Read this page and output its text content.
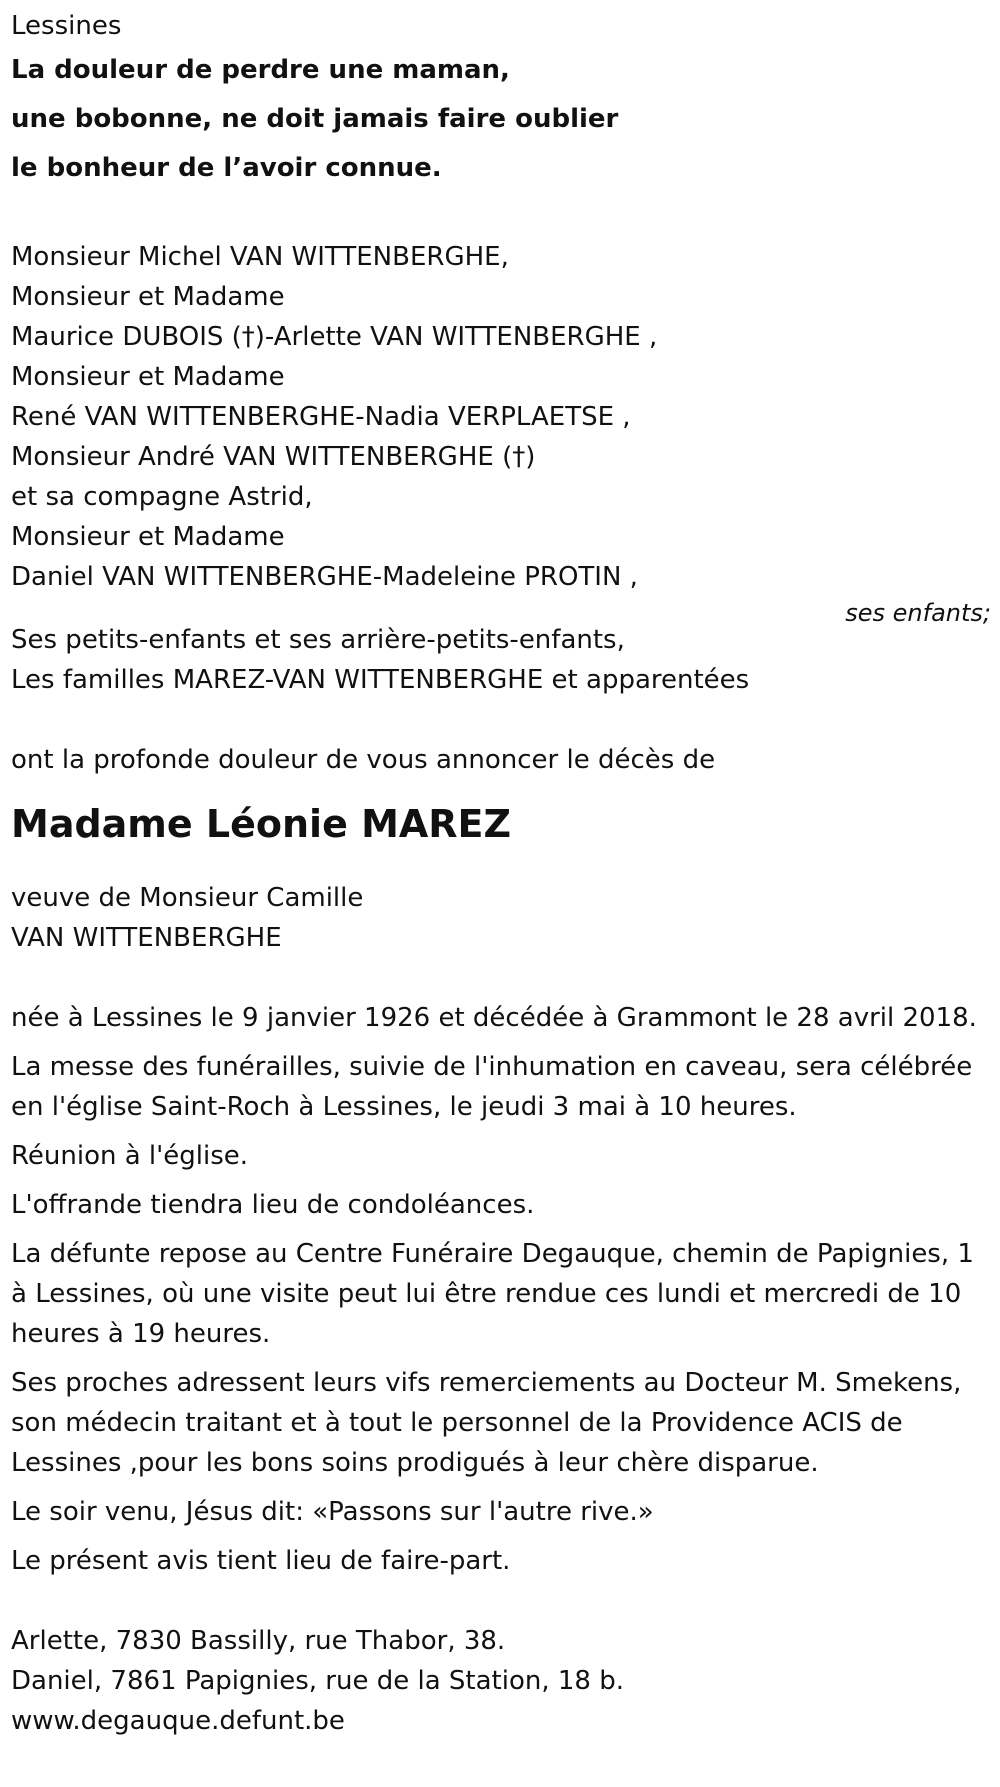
Lessines
La douleur de perdre une maman,
une bobonne, ne doit jamais faire oublier
le bonheur de l’avoir connue.
Monsieur Michel VAN WITTENBERGHE,
Monsieur et Madame
Maurice DUBOIS (†)-Arlette VAN WITTENBERGHE ,
Monsieur et Madame
René VAN WITTENBERGHE-Nadia VERPLAETSE ,
Monsieur André VAN WITTENBERGHE (†)
et sa compagne Astrid,
Monsieur et Madame
Daniel VAN WITTENBERGHE-Madeleine PROTIN ,
ses enfants;
Ses petits-enfants et ses arrière-petits-enfants,
Les familles MAREZ-VAN WITTENBERGHE et apparentées
ont la profonde douleur de vous annoncer le décès de
Madame Léonie MAREZ
veuve de Monsieur Camille
VAN WITTENBERGHE
née à Lessines le 9 janvier 1926 et décédée à Grammont le 28 avril 2018.
La messe des funérailles, suivie de l'inhumation en caveau, sera célébrée en l'église Saint-Roch à Lessines, le jeudi 3 mai à 10 heures.
Réunion à l'église.
L'offrande tiendra lieu de condoléances.
La défunte repose au Centre Funéraire Degauque, chemin de Papignies, 1 à Lessines, où une visite peut lui être rendue ces lundi et mercredi de 10 heures à 19 heures.
Ses proches adressent leurs vifs remerciements au Docteur M. Smekens, son médecin traitant et à tout le personnel de la Providence ACIS de Lessines ,pour les bons soins prodigués à leur chère disparue.
Le soir venu, Jésus dit: «Passons sur l'autre rive.»
Le présent avis tient lieu de faire-part.
Arlette, 7830 Bassilly, rue Thabor, 38.
Daniel, 7861 Papignies, rue de la Station, 18 b.
www.degauque.defunt.be
